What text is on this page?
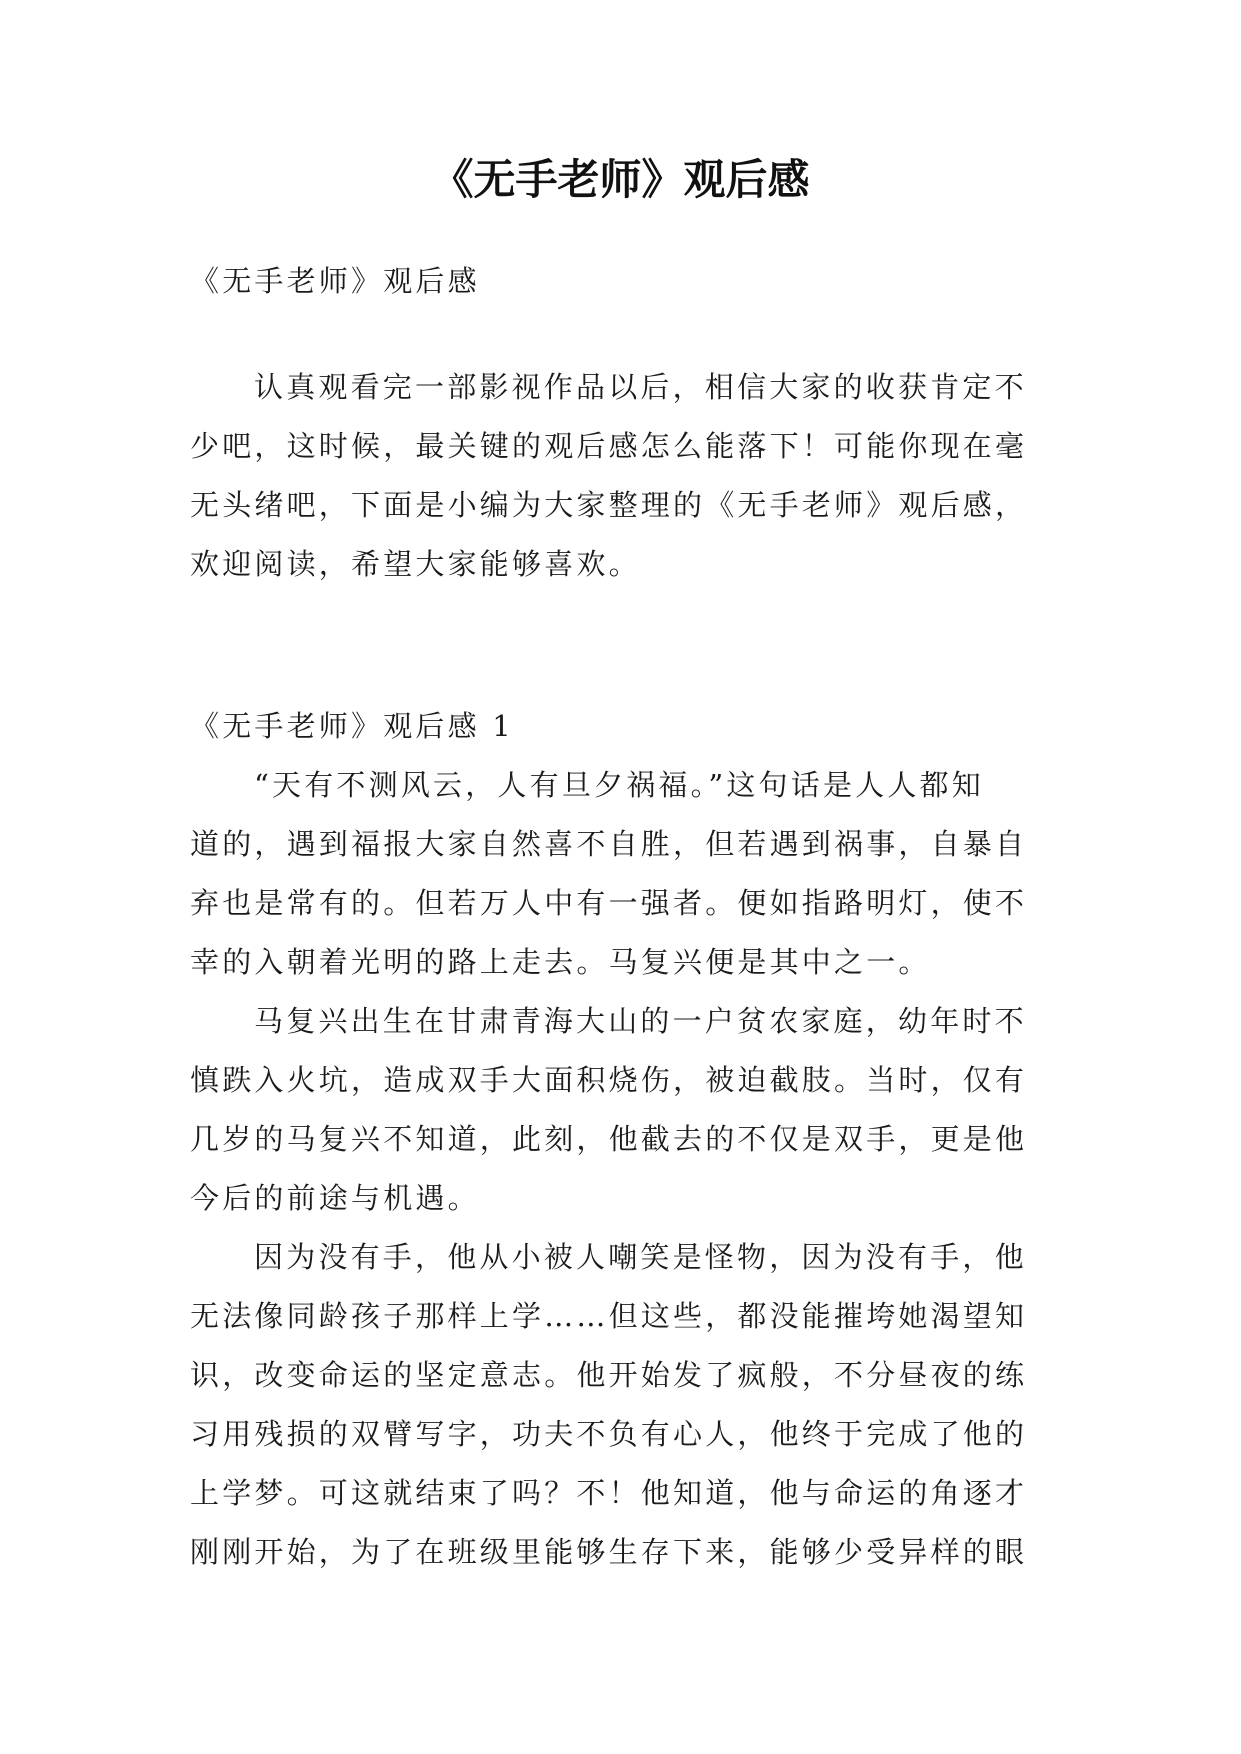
《无手老师》观后感
《无手老师》观后感
认真观看完一部影视作品以后，相信大家的收获肯定不
少吧，这时候，最关键的观后感怎么能落下！可能你现在毫
无头绪吧，下面是小编为大家整理的《无手老师》观后感，
欢迎阅读，希望大家能够喜欢。
《无手老师》观后感 1
“天有不测风云，人有旦夕祸福。”这句话是人人都知
道的，遇到福报大家自然喜不自胜，但若遇到祸事，自暴自
弃也是常有的。但若万人中有一强者。便如指路明灯，使不
幸的入朝着光明的路上走去。马复兴便是其中之一。
马复兴出生在甘肃青海大山的一户贫农家庭，幼年时不
慎跌入火坑，造成双手大面积烧伤，被迫截肢。当时，仅有
几岁的马复兴不知道，此刻，他截去的不仅是双手，更是他
今后的前途与机遇。
因为没有手，他从小被人嘲笑是怪物，因为没有手，他
无法像同龄孩子那样上学……但这些，都没能摧垮她渴望知
识，改变命运的坚定意志。他开始发了疯般，不分昼夜的练
习用残损的双臂写字，功夫不负有心人，他终于完成了他的
上学梦。可这就结束了吗？不！他知道，他与命运的角逐才
刚刚开始，为了在班级里能够生存下来，能够少受异样的眼
